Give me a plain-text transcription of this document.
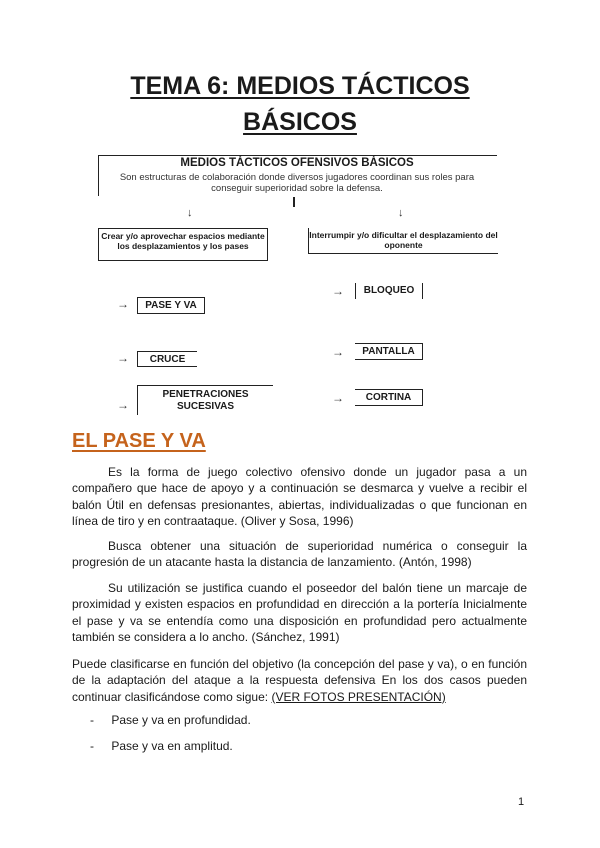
TEMA 6: MEDIOS TÁCTICOS
BÁSICOS
MEDIOS TÁCTICOS OFENSIVOS BÁSICOS
Son estructuras de colaboración donde diversos jugadores coordinan sus roles para conseguir superioridad sobre la defensa.
↓	↓
Crear y/o aprovechar espacios mediante los desplazamientos y los pases
Interrumpir y/o dificultar el desplazamiento del oponente
→	PASE Y VA
→	CRUCE
→
PENETRACIONES SUCESIVAS
→	BLOQUEO
→	PANTALLA
→	CORTINA
EL PASE Y VA
Es la forma de juego colectivo ofensivo donde un jugador pasa a un compañero que hace de apoyo y a continuación se desmarca y vuelve a recibir el balón Útil en defensas presionantes, abiertas, individualizadas o que funcionan en línea de tiro y en contraataque. (Oliver y Sosa, 1996)
Busca obtener una situación de superioridad numérica o conseguir la progresión de un atacante hasta la distancia de lanzamiento. (Antón, 1998)
Su utilización se justifica cuando el poseedor del balón tiene un marcaje de proximidad y existen espacios en profundidad en dirección a la portería Inicialmente el pase y va se entendía como una disposición en profundidad pero actualmente también se considera a lo ancho. (Sánchez, 1991)
Puede clasificarse en función del objetivo (la concepción del pase y va), o en función de la adaptación del ataque a la respuesta defensiva En los dos casos pueden continuar clasificándose como sigue: (VER FOTOS PRESENTACIÓN)
- Pase y va en profundidad.
- Pase y va en amplitud.
1
